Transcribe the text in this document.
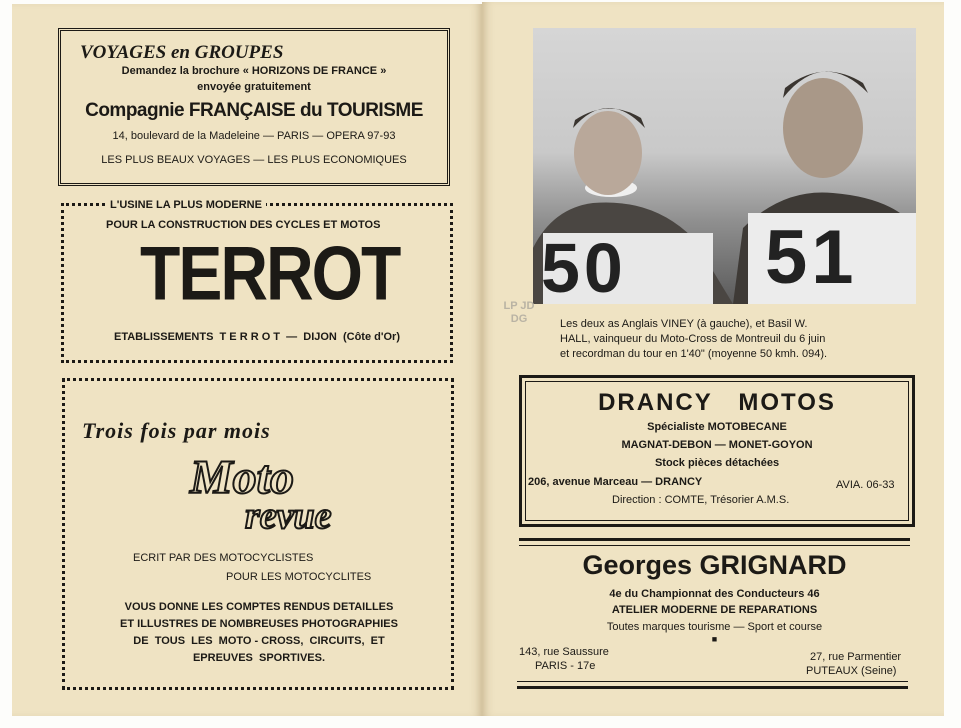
VOYAGES en GROUPES
Demandez la brochure « HORIZONS DE FRANCE »
envoyée gratuitement
Compagnie FRANÇAISE du TOURISME
14, boulevard de la Madeleine — PARIS — OPERA 97-93
LES PLUS BEAUX VOYAGES — LES PLUS ECONOMIQUES
L'USINE LA PLUS MODERNE
POUR LA CONSTRUCTION DES CYCLES ET MOTOS
TERROT
ETABLISSEMENTS  T E R R O T  —  DIJON  (Côte d'Or)
Trois fois par mois
Moto
revue
ECRIT PAR DES MOTOCYCLISTES
POUR LES MOTOCYCLITES
VOUS DONNE LES COMPTES RENDUS DETAILLES
ET ILLUSTRES DE NOMBREUSES PHOTOGRAPHIES
DE  TOUS  LES  MOTO - CROSS,  CIRCUITS,  ET
EPREUVES  SPORTIVES.
50 51
LP JD DG	Les deux as Anglais VINEY (à gauche), et Basil W.
HALL, vainqueur du Moto-Cross de Montreuil du 6 juin
et recordman du tour en 1'40" (moyenne 50 kmh. 094).
DRANCY   MOTOS
Spécialiste MOTOBECANE
MAGNAT-DEBON — MONET-GOYON
Stock pièces détachées
206, avenue Marceau — DRANCY	AVIA. 06-33
Direction : COMTE, Trésorier A.M.S.
Georges GRIGNARD
4e du Championnat des Conducteurs 46
ATELIER MODERNE DE REPARATIONS
Toutes marques tourisme — Sport et course
■
143, rue Saussure
PARIS - 17e
27, rue Parmentier
PUTEAUX (Seine)
